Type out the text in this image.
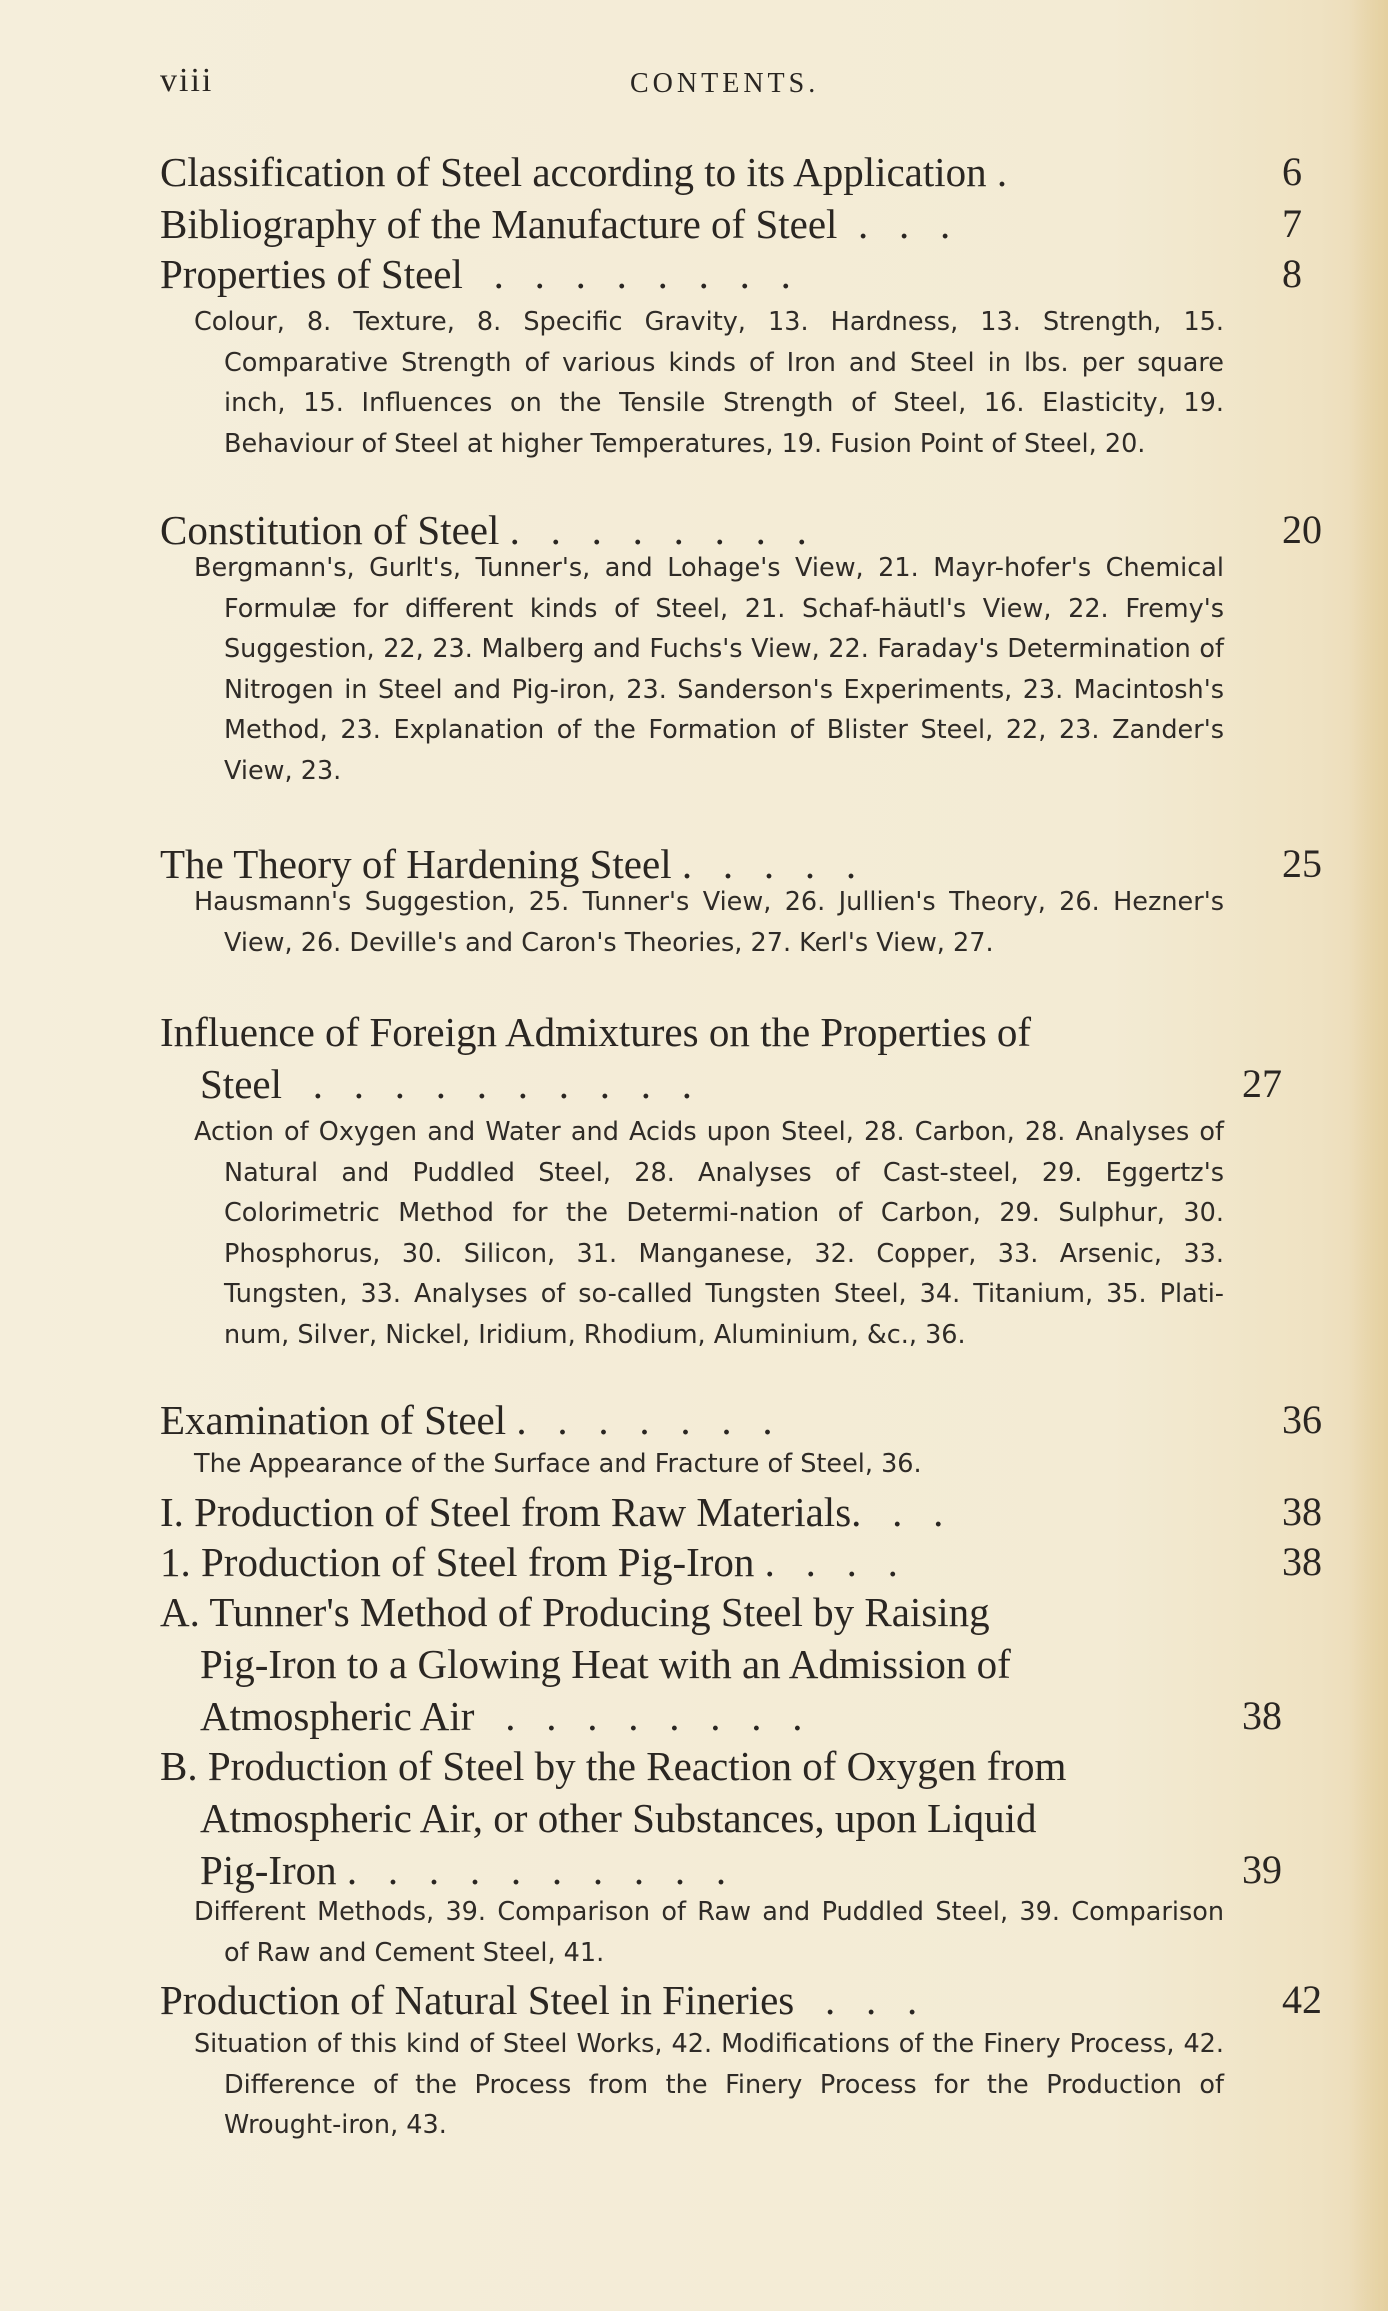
viii	CONTENTS.
Classification of Steel according to its Application .	6
Bibliography of the Manufacture of Steel  .   .   .	7
Properties of Steel   .   .   .   .   .   .   .   .	8

Colour, 8. Texture, 8. Specific Gravity, 13. Hardness, 13. Strength, 15. Comparative Strength of various kinds of Iron and Steel in lbs. per square inch, 15. Influences on the Tensile Strength of Steel, 16. Elasticity, 19. Behaviour of Steel at higher Temperatures, 19. Fusion Point of Steel, 20.

Constitution of Steel .   .   .   .   .   .   .   .	20

Bergmann's, Gurlt's, Tunner's, and Lohage's View, 21. Mayr-hofer's Chemical Formulæ for different kinds of Steel, 21. Schaf-häutl's View, 22. Fremy's Suggestion, 22, 23. Malberg and Fuchs's View, 22. Faraday's Determination of Nitrogen in Steel and Pig-iron, 23. Sanderson's Experiments, 23. Macintosh's Method, 23. Explanation of the Formation of Blister Steel, 22, 23. Zander's View, 23.

The Theory of Hardening Steel .   .   .   .   .	25

Hausmann's Suggestion, 25. Tunner's View, 26. Jullien's Theory, 26. Hezner's View, 26. Deville's and Caron's Theories, 27. Kerl's View, 27.

Influence of Foreign Admixtures on the Properties of
Steel   .   .   .   .   .   .   .   .   .   .	27

Action of Oxygen and Water and Acids upon Steel, 28. Carbon, 28. Analyses of Natural and Puddled Steel, 28. Analyses of Cast-steel, 29. Eggertz's Colorimetric Method for the Determi-nation of Carbon, 29. Sulphur, 30. Phosphorus, 30. Silicon, 31. Manganese, 32. Copper, 33. Arsenic, 33. Tungsten, 33. Analyses of so-called Tungsten Steel, 34. Titanium, 35. Plati-num, Silver, Nickel, Iridium, Rhodium, Aluminium, &c., 36.

Examination of Steel .   .   .   .   .   .   .	36

The Appearance of the Surface and Fracture of Steel, 36.

I. Production of Steel from Raw Materials.   .   .	38
1. Production of Steel from Pig-Iron .   .   .   .	38
A. Tunner's Method of Producing Steel by Raising
Pig-Iron to a Glowing Heat with an Admission of
Atmospheric Air   .   .   .   .   .   .   .   .	38
B. Production of Steel by the Reaction of Oxygen from
Atmospheric Air, or other Substances, upon Liquid
Pig-Iron .   .   .   .   .   .   .   .   .   .	39

Different Methods, 39. Comparison of Raw and Puddled Steel, 39. Comparison of Raw and Cement Steel, 41.

Production of Natural Steel in Fineries   .   .   .	42

Situation of this kind of Steel Works, 42. Modifications of the Finery Process, 42. Difference of the Process from the Finery Process for the Production of Wrought-iron, 43.
